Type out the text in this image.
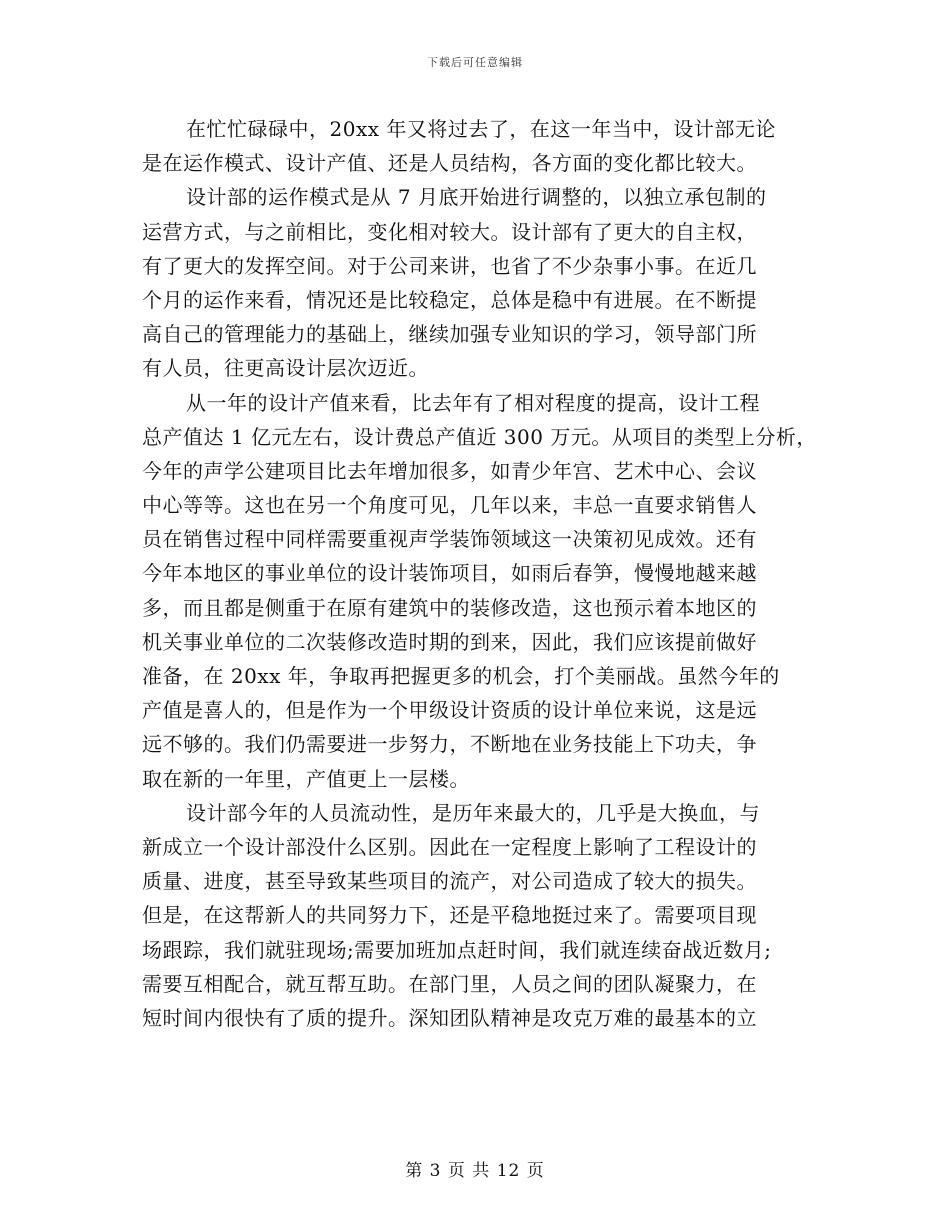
下载后可任意编辑
在忙忙碌碌中，20xx 年又将过去了，在这一年当中，设计部无论
是在运作模式、设计产值、还是人员结构，各方面的变化都比较大。
设计部的运作模式是从 7 月底开始进行调整的，以独立承包制的
运营方式，与之前相比，变化相对较大。设计部有了更大的自主权，
有了更大的发挥空间。对于公司来讲，也省了不少杂事小事。在近几
个月的运作来看，情况还是比较稳定，总体是稳中有进展。在不断提
高自己的管理能力的基础上，继续加强专业知识的学习，领导部门所
有人员，往更高设计层次迈近。
从一年的设计产值来看，比去年有了相对程度的提高，设计工程
总产值达 1 亿元左右，设计费总产值近 300 万元。从项目的类型上分析，
今年的声学公建项目比去年增加很多，如青少年宫、艺术中心、会议
中心等等。这也在另一个角度可见，几年以来，丰总一直要求销售人
员在销售过程中同样需要重视声学装饰领域这一决策初见成效。还有
今年本地区的事业单位的设计装饰项目，如雨后春笋，慢慢地越来越
多，而且都是侧重于在原有建筑中的装修改造，这也预示着本地区的
机关事业单位的二次装修改造时期的到来，因此，我们应该提前做好
准备，在 20xx 年，争取再把握更多的机会，打个美丽战。虽然今年的
产值是喜人的，但是作为一个甲级设计资质的设计单位来说，这是远
远不够的。我们仍需要进一步努力，不断地在业务技能上下功夫，争
取在新的一年里，产值更上一层楼。
设计部今年的人员流动性，是历年来最大的，几乎是大换血，与
新成立一个设计部没什么区别。因此在一定程度上影响了工程设计的
质量、进度，甚至导致某些项目的流产，对公司造成了较大的损失。
但是，在这帮新人的共同努力下，还是平稳地挺过来了。需要项目现
场跟踪，我们就驻现场;需要加班加点赶时间，我们就连续奋战近数月;
需要互相配合，就互帮互助。在部门里，人员之间的团队凝聚力，在
短时间内很快有了质的提升。深知团队精神是攻克万难的最基本的立
第 3 页 共 12 页
